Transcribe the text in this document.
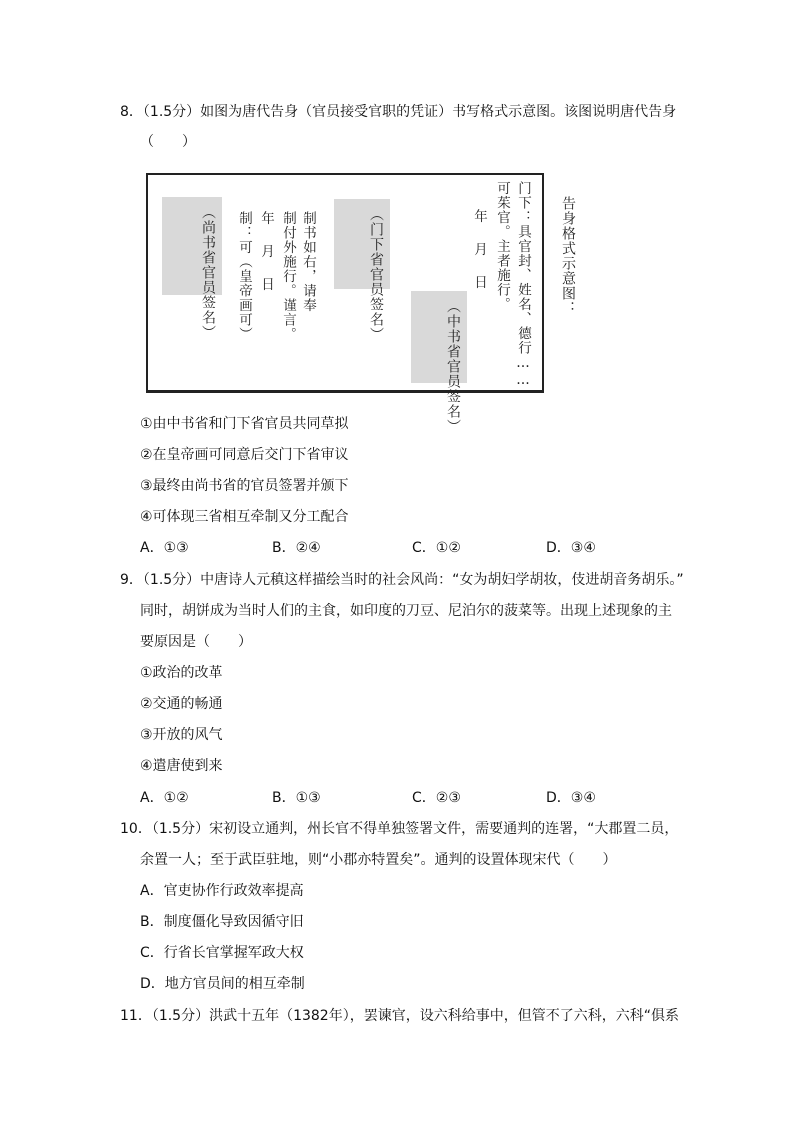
8．（1.5分）如图为唐代告身（官员接受官职的凭证）书写格式示意图。该图说明唐代告身
（　　）
门下：具官封、姓名、德行……
可茱官。主者施行。
年　月　日
（中书省官员签名）
（门下省官员签名）
制书如右，请奉
制付外施行。谨言。
年　月　日
制：可（皇帝画可）
（尚书省官员签名）	告身格式示意图：
①由中书省和门下省官员共同草拟
②在皇帝画可同意后交门下省审议
③最终由尚书省的官员签署并颁下
④可体现三省相互牵制又分工配合
A．①③	B．②④	C．①②	D．③④
9．（1.5分）中唐诗人元稹这样描绘当时的社会风尚：“女为胡妇学胡妆，伎进胡音务胡乐。”
同时，胡饼成为当时人们的主食，如印度的刀豆、尼泊尔的菠菜等。出现上述现象的主
要原因是（　　）
①政治的改革
②交通的畅通
③开放的风气
④遣唐使到来
A．①②	B．①③	C．②③	D．③④
10．（1.5分）宋初设立通判，州长官不得单独签署文件，需要通判的连署，“大郡置二员，
余置一人；至于武臣驻地，则“小郡亦特置矣”。通判的设置体现宋代（　　）
A．官吏协作行政效率提高
B．制度僵化导致因循守旧
C．行省长官掌握军政大权
D．地方官员间的相互牵制
11．（1.5分）洪武十五年（1382年），罢谏官，设六科给事中，但管不了六科，六科“俱系
